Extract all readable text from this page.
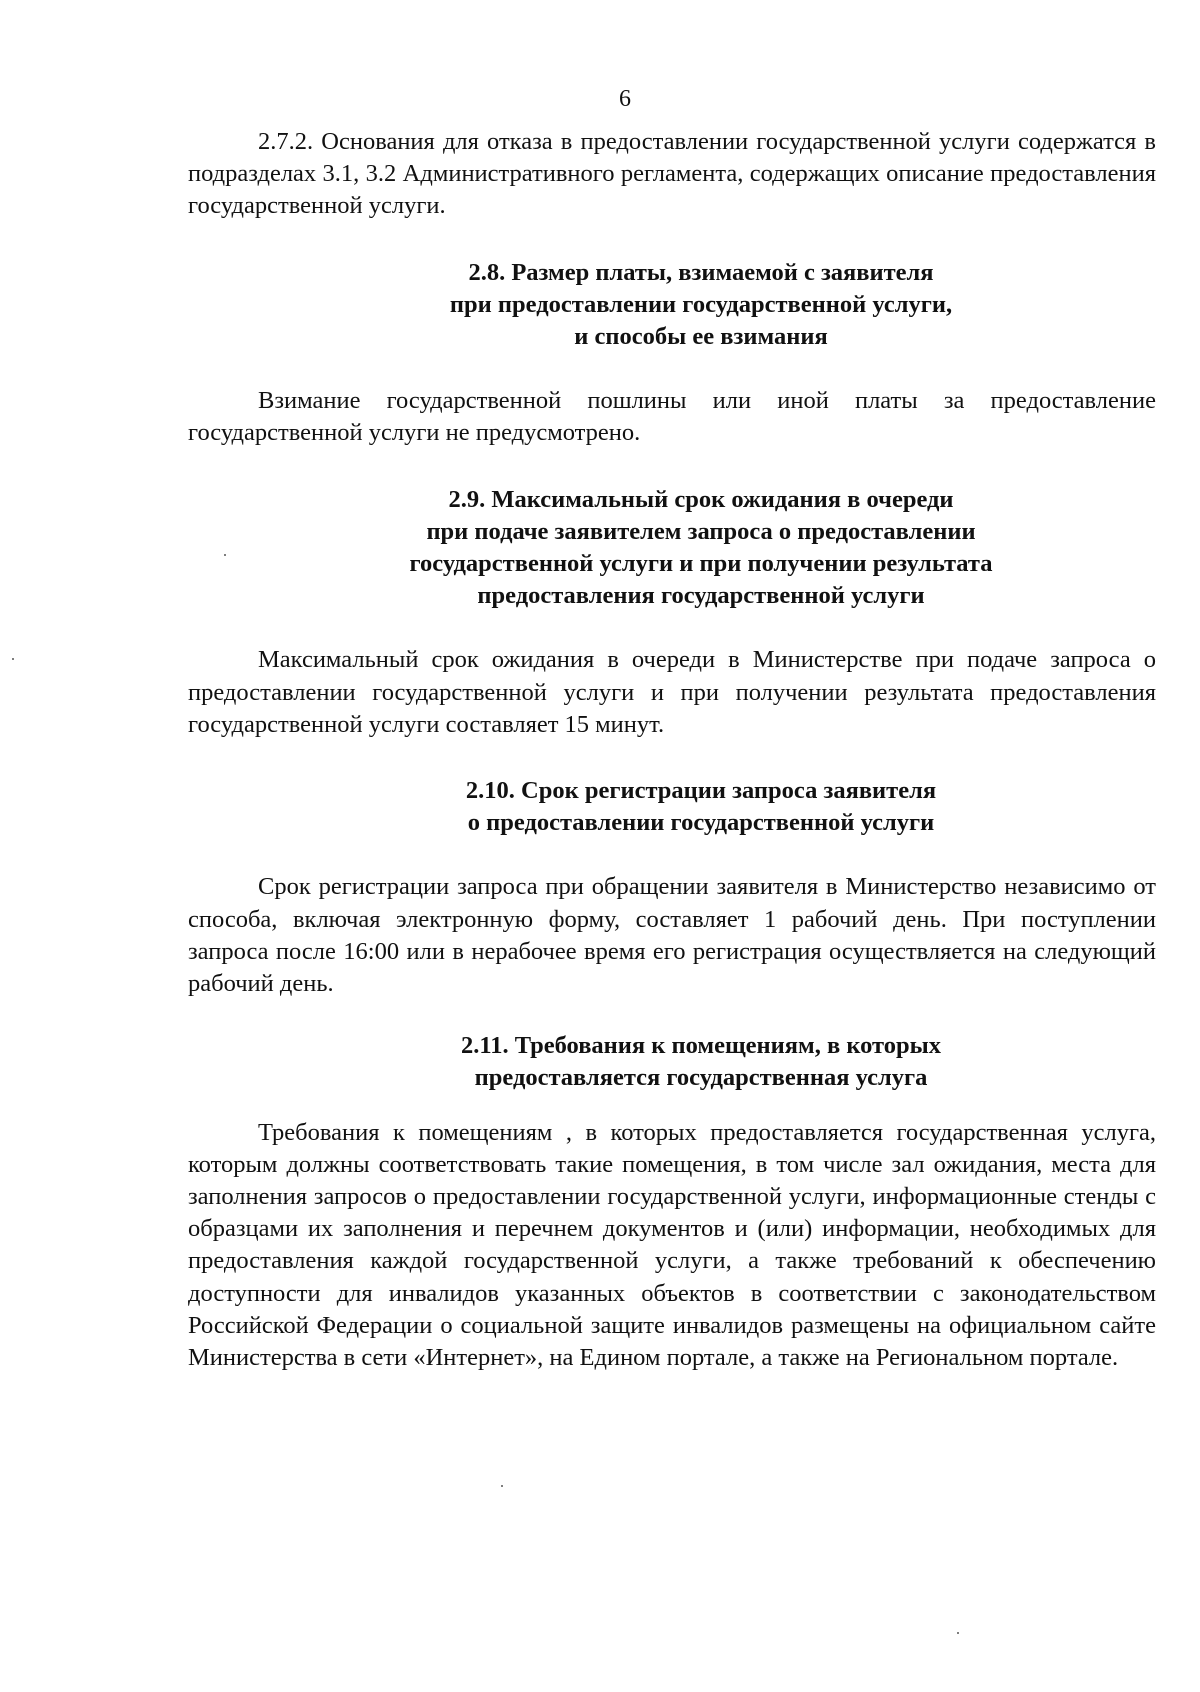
6

2.7.2. Основания для отказа в предоставлении государственной услуги содержатся в подразделах 3.1, 3.2 Административного регламента, содержащих описание предоставления государственной услуги.

2.8. Размер платы, взимаемой с заявителя
при предоставлении государственной услуги,
и способы ее взимания

Взимание государственной пошлины или иной платы за предоставление государственной услуги не предусмотрено.

2.9. Максимальный срок ожидания в очереди
при подаче заявителем запроса о предоставлении
государственной услуги и при получении результата
предоставления государственной услуги

Максимальный срок ожидания в очереди в Министерстве при подаче запроса о предоставлении государственной услуги и при получении результата предоставления государственной услуги составляет 15 минут.

2.10. Срок регистрации запроса заявителя
о предоставлении государственной услуги

Срок регистрации запроса при обращении заявителя в Министерство независимо от способа, включая электронную форму, составляет 1 рабочий день. При поступлении запроса после 16:00 или в нерабочее время его регистрация осуществляется на следующий рабочий день.

2.11. Требования к помещениям, в которых
предоставляется государственная услуга

Требования к помещениям , в которых предоставляется государственная услуга, которым должны соответствовать такие помещения, в том числе зал ожидания, места для заполнения запросов о предоставлении государственной услуги, информационные стенды с образцами их заполнения и перечнем документов и (или) информации, необходимых для предоставления каждой государственной услуги, а также требований к обеспечению доступности для инвалидов указанных объектов в соответствии с законодательством Российской Федерации о социальной защите инвалидов размещены на официальном сайте Министерства в сети «Интернет», на Едином портале, а также на Региональном портале.
